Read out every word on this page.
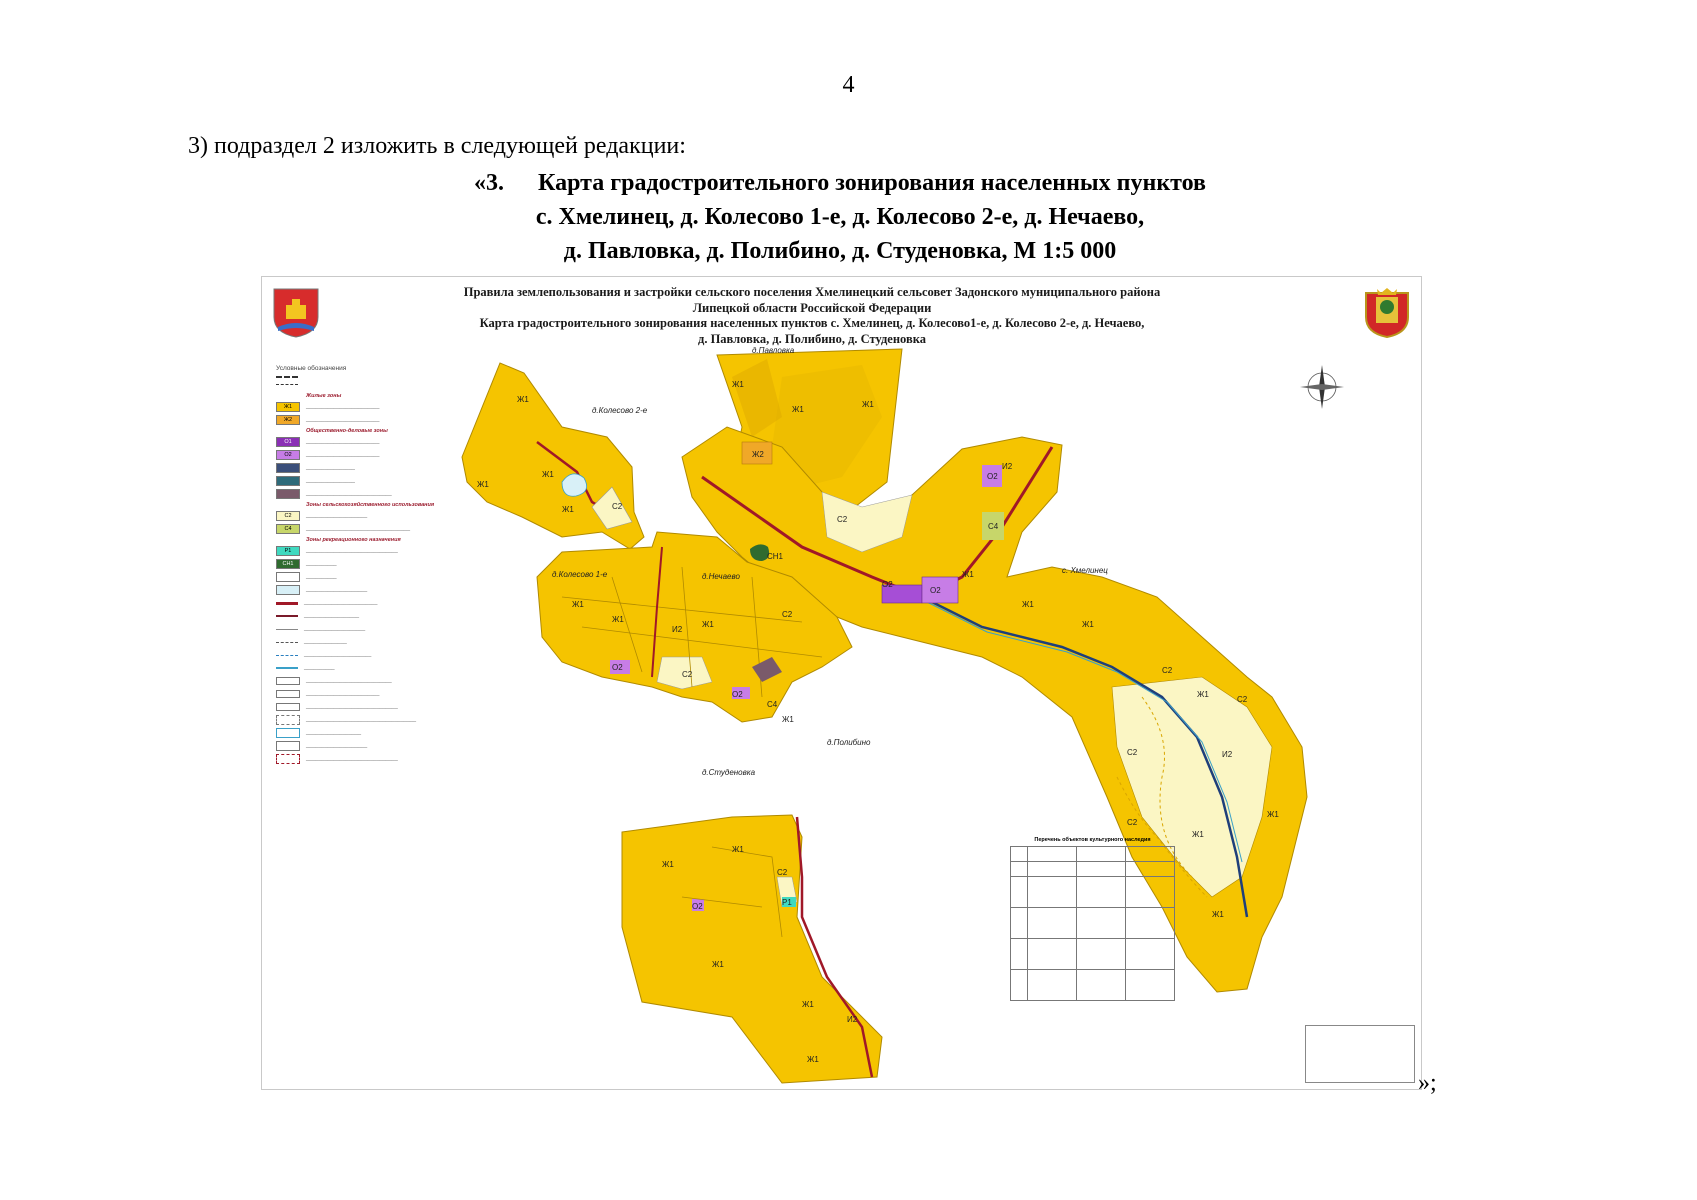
4
3) подраздел 2 изложить в следующей редакции:
«3. Карта градостроительного зонирования населенных пунктов
с. Хмелинец, д. Колесово 1-е, д. Колесово 2-е, д. Нечаево,
д. Павловка, д. Полибино, д. Студеновка, М 1:5 000
Правила землепользования и застройки сельского поселения Хмелинецкий сельсовет Задонского муниципального района
Липецкой области Российской Федерации
Карта градостроительного зонирования населенных пунктов с. Хмелинец, д. Колесово1-е, д. Колесово 2-е, д. Нечаево,
д. Павловка, д. Полибино, д. Студеновка
Условные обозначения
Жилые зоны
Ж1	________________________
Ж2	________________________
Общественно-деловые зоны
О1	________________________
О2	________________________
________________
________________
____________________________
Зоны сельскохозяйственного использования
С2	____________________
С4	__________________________________
Зоны рекреационного назначения
Р1	______________________________
СН1	__________
__________
____________________
________________________
__________________
____________________
______________
______________________
__________
____________________________
________________________
______________________________
____________________________________
__________________
____________________
______________________________
д.Павловка
д.Колесово 2-е
д.Колесово 1-е	д.Нечаево
с. Хмелинец
д.Полибино
д.Студеновка
Ж1
Ж1
Ж1
Ж1	С2
Ж1
Ж1
Ж1
Ж2
С2
О2
С4
И2
СН1
О2
О2
Ж1
Ж1
Ж1
С2
Ж1
С2
С2
С2
И2
Ж1
Ж1
Ж1
Ж1
Ж1
Ж1
И2
С2
О2
С2
О2
С4
Ж1
Ж1
Ж1
С2
Р1
О2
Ж1
Ж1
Ж1
И2
Перечень объектов культурного наследия

»;
